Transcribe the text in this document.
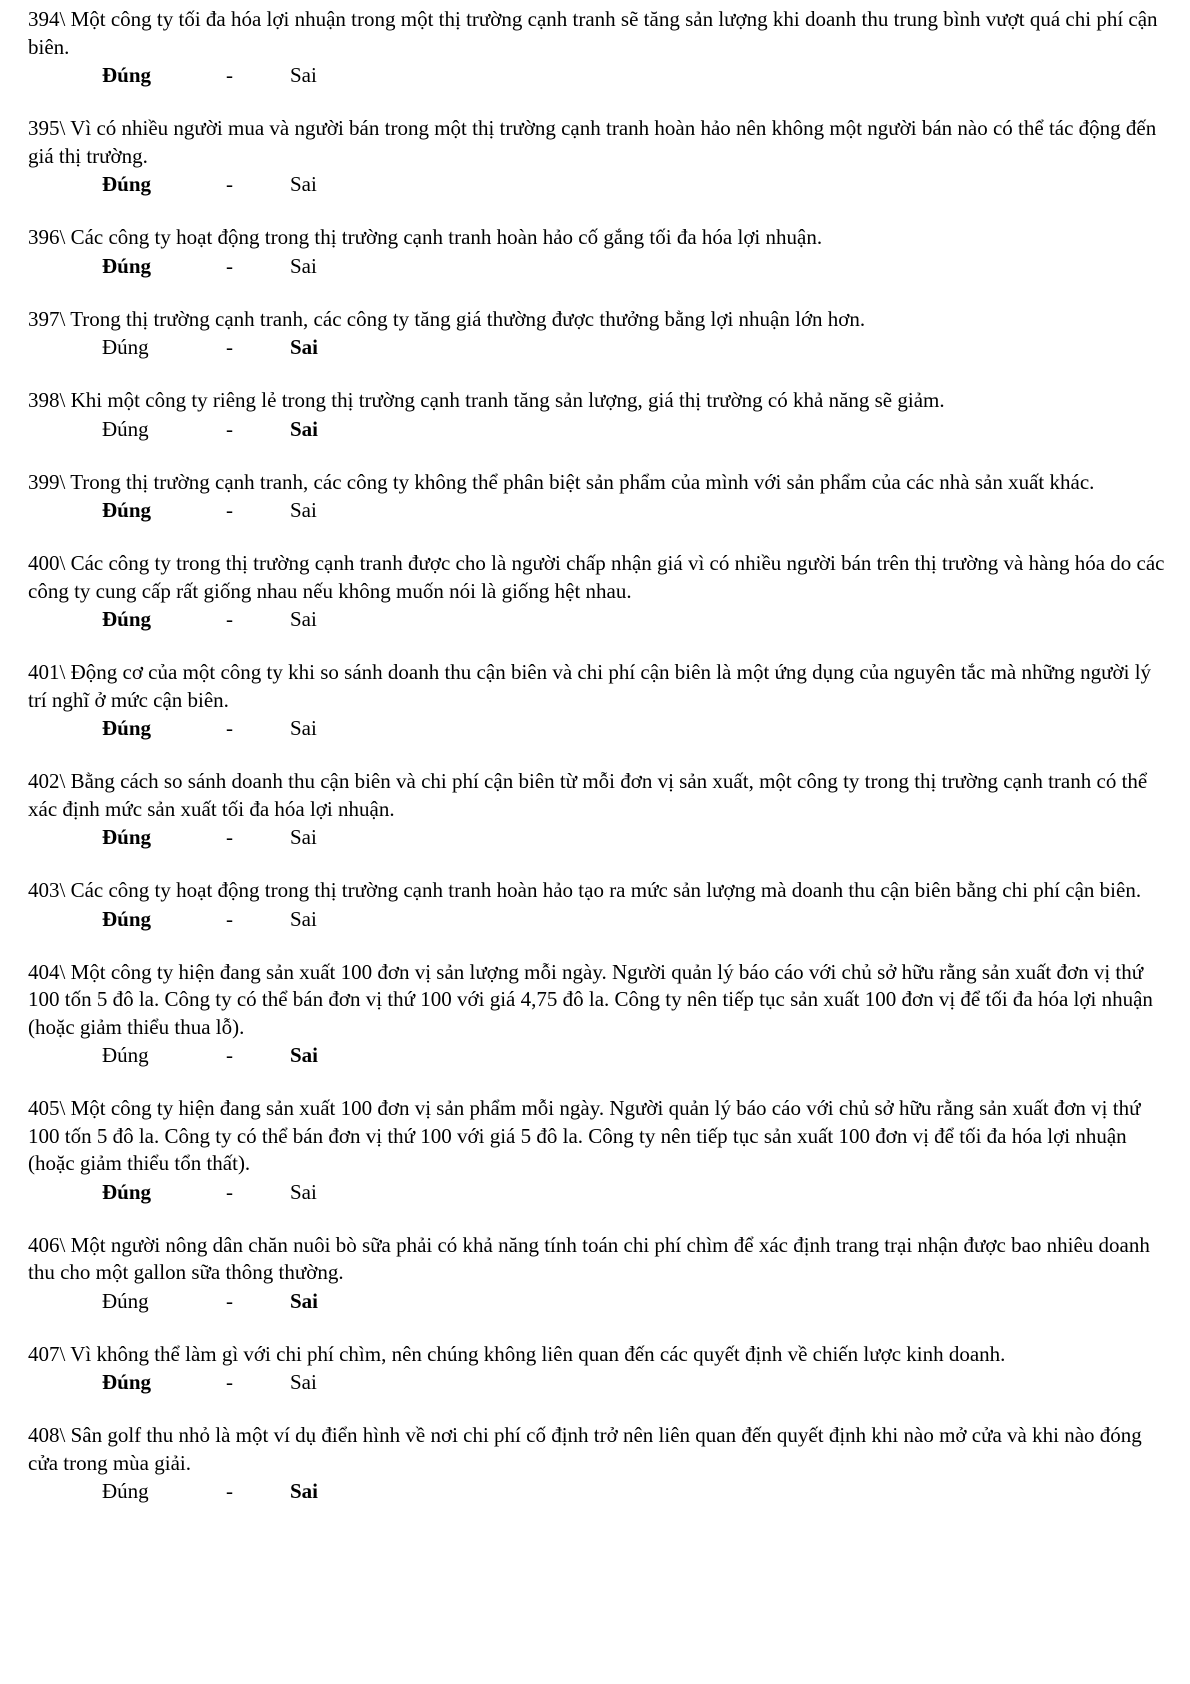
394\ Một công ty tối đa hóa lợi nhuận trong một thị trường cạnh tranh sẽ tăng sản lượng khi doanh thu trung bình vượt quá chi phí cận biên.

Đúng	-	Sai

395\ Vì có nhiều người mua và người bán trong một thị trường cạnh tranh hoàn hảo nên không một người bán nào có thể tác động đến giá thị trường.

Đúng	-	Sai

396\ Các công ty hoạt động trong thị trường cạnh tranh hoàn hảo cố gắng tối đa hóa lợi nhuận.

Đúng	-	Sai

397\ Trong thị trường cạnh tranh, các công ty tăng giá thường được thưởng bằng lợi nhuận lớn hơn.

Đúng	-	Sai

398\ Khi một công ty riêng lẻ trong thị trường cạnh tranh tăng sản lượng, giá thị trường có khả năng sẽ giảm.

Đúng	-	Sai

399\ Trong thị trường cạnh tranh, các công ty không thể phân biệt sản phẩm của mình với sản phẩm của các nhà sản xuất khác.

Đúng	-	Sai

400\ Các công ty trong thị trường cạnh tranh được cho là người chấp nhận giá vì có nhiều người bán trên thị trường và hàng hóa do các công ty cung cấp rất giống nhau nếu không muốn nói là giống hệt nhau.

Đúng	-	Sai

401\ Động cơ của một công ty khi so sánh doanh thu cận biên và chi phí cận biên là một ứng dụng của nguyên tắc mà những người lý trí nghĩ ở mức cận biên.

Đúng	-	Sai

402\ Bằng cách so sánh doanh thu cận biên và chi phí cận biên từ mỗi đơn vị sản xuất, một công ty trong thị trường cạnh tranh có thể xác định mức sản xuất tối đa hóa lợi nhuận.

Đúng	-	Sai

403\ Các công ty hoạt động trong thị trường cạnh tranh hoàn hảo tạo ra mức sản lượng mà doanh thu cận biên bằng chi phí cận biên.

Đúng	-	Sai

404\ Một công ty hiện đang sản xuất 100 đơn vị sản lượng mỗi ngày. Người quản lý báo cáo với chủ sở hữu rằng sản xuất đơn vị thứ 100 tốn 5 đô la. Công ty có thể bán đơn vị thứ 100 với giá 4,75 đô la. Công ty nên tiếp tục sản xuất 100 đơn vị để tối đa hóa lợi nhuận (hoặc giảm thiểu thua lỗ).

Đúng	-	Sai

405\ Một công ty hiện đang sản xuất 100 đơn vị sản phẩm mỗi ngày. Người quản lý báo cáo với chủ sở hữu rằng sản xuất đơn vị thứ 100 tốn 5 đô la. Công ty có thể bán đơn vị thứ 100 với giá 5 đô la. Công ty nên tiếp tục sản xuất 100 đơn vị để tối đa hóa lợi nhuận (hoặc giảm thiểu tổn thất).

Đúng	-	Sai

406\ Một người nông dân chăn nuôi bò sữa phải có khả năng tính toán chi phí chìm để xác định trang trại nhận được bao nhiêu doanh thu cho một gallon sữa thông thường.

Đúng	-	Sai

407\ Vì không thể làm gì với chi phí chìm, nên chúng không liên quan đến các quyết định về chiến lược kinh doanh.

Đúng	-	Sai

408\ Sân golf thu nhỏ là một ví dụ điển hình về nơi chi phí cố định trở nên liên quan đến quyết định khi nào mở cửa và khi nào đóng cửa trong mùa giải.

Đúng	-	Sai
